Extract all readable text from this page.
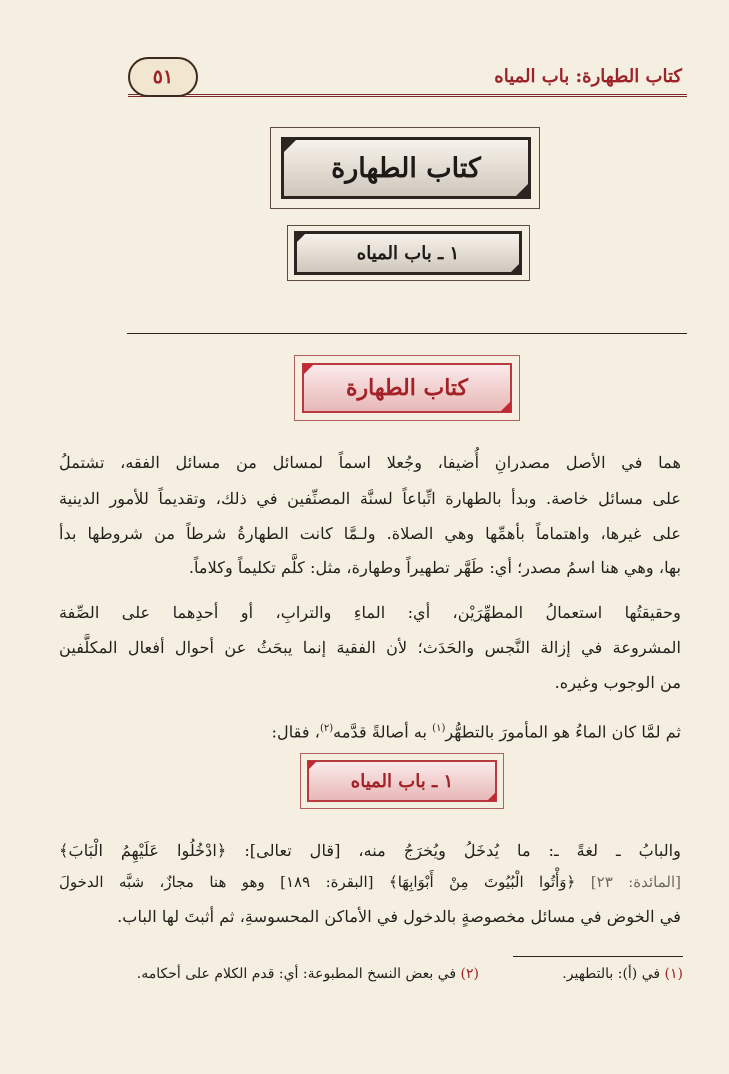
كتاب الطهارة: باب المياه
٥١
كتاب الطهارة
١ ـ باب المياه
كتاب الطهارة
هما في الأصل مصدرانِ أُضيفا، وجُعلا اسماً لمسائل من مسائل الفقه، تشتملُ
على مسائل خاصة. وبدأ بالطهارة اتِّباعاً لسنَّة المصنِّفين في ذلك، وتقديماً للأمور الدينية
على غيرها، واهتماماً بأهمِّها وهي الصلاة. ولـمَّا كانت الطهارةُ شرطاً من شروطها بدأ
بها، وهي هنا اسمُ مصدر؛ أي: طَهَّر تطهيراً وطهارة، مثل: كلَّم تكليماً وكلاماً.
وحقيقتُها استعمالُ المطهِّرَيْن، أي: الماءِ والترابِ، أو أحدِهما على الصِّفة
المشروعة في إزالة النَّجس والحَدَث؛ لأن الفقيهَ إنما يبحَثُ عن أحوال أفعال المكلَّفين
من الوجوب وغيره.
ثم لمَّا كان الماءُ هو المأمورَ بالتطهُّر$^{(١)}$ به أصالةً قدَّمه$^{(٢)}$، فقال:
١ ـ باب المياه
والبابُ ـ لغةً ـ: ما يُدخَلُ ويُخرَجُ منه، [قال تعالى]: ﴿ادْخُلُوا عَلَيْهِمُ الْبَابَ﴾
[المائدة: ٢٣] ﴿وَأْتُوا الْبُيُوتَ مِنْ أَبْوَابِهَا﴾ [البقرة: ١٨٩] وهو هنا مجازٌ، شبَّه الدخولَ
في الخوض في مسائل مخصوصةٍ بالدخول في الأماكن المحسوسةِ، ثم أثبتَ لها الباب.
(١) في (أ): بالتطهير.
(٢) في بعض النسخ المطبوعة: أي: قدم الكلام على أحكامه.
